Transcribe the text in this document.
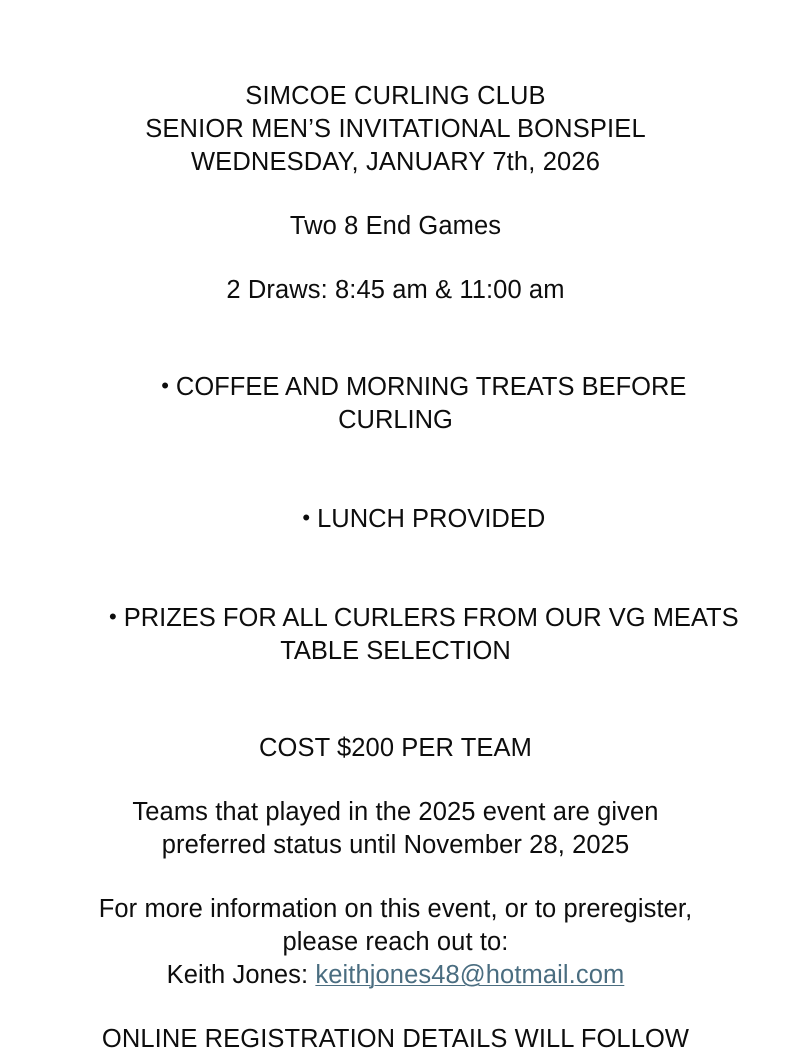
SIMCOE CURLING CLUB
SENIOR MEN’S INVITATIONAL BONSPIEL
WEDNESDAY, JANUARY 7th, 2026
Two 8 End Games
2 Draws: 8:45 am & 11:00 am

• COFFEE AND MORNING TREATS BEFORE CURLING

• LUNCH PROVIDED

• PRIZES FOR ALL CURLERS FROM OUR VG MEATS TABLE SELECTION

COST $200 PER TEAM
Teams that played in the 2025 event are given
preferred status until November 28, 2025
For more information on this event, or to preregister,
please reach out to:
Keith Jones: keithjones48@hotmail.com
ONLINE REGISTRATION DETAILS WILL FOLLOW
